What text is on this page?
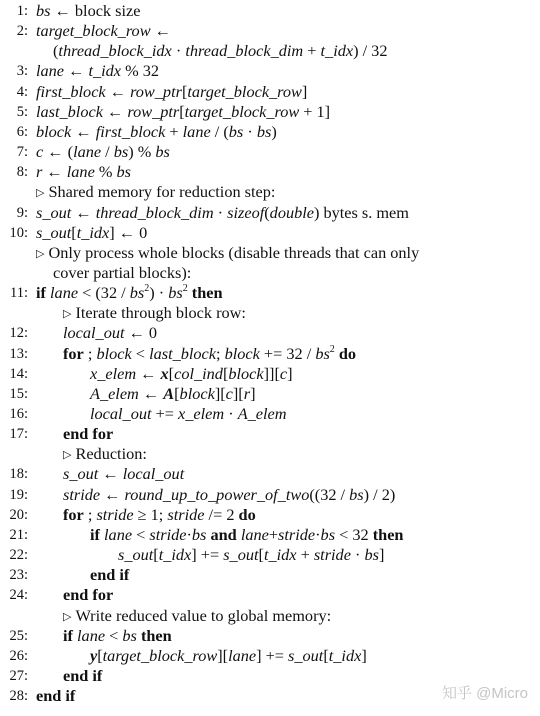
1: bs ← block size
2: target_block_row ←
(thread_block_idx · thread_block_dim + t_idx) / 32
3: lane ← t_idx % 32
4: first_block ← row_ptr[target_block_row]
5: last_block ← row_ptr[target_block_row + 1]
6: block ← first_block + lane / (bs · bs)
7: c ← (lane / bs) % bs
8: r ← lane % bs
▷ Shared memory for reduction step:
9: s_out ← thread_block_dim · sizeof(double) bytes s. mem
10: s_out[t_idx] ← 0
▷ Only process whole blocks (disable threads that can only
cover partial blocks):
11: if lane < $(32 / bs^2) \cdot bs^2$ then
▷ Iterate through block row:
12: local_out ← 0
13: for ; block < last_block; block += $32 / bs^2$ do
14:	x_elem ← x[col_ind[block]][c]
15:	A_elem ← A[block][c][r]
16:	local_out += x_elem · A_elem
17: end for
▷ Reduction:
18: s_out ← local_out
19: stride ← round_up_to_power_of_two((32 / bs) / 2)
20: for ; stride ≥ 1; stride /= 2 do
21:	if lane < stride·bs and lane+stride·bs < 32 then
22:	s_out[t_idx] += s_out[t_idx + stride · bs]
23:	end if
24: end for
▷ Write reduced value to global memory:
25: if lane < bs then
26:	y[target_block_row][lane] += s_out[t_idx]
27: end if
28: end if	知乎 @Micro
